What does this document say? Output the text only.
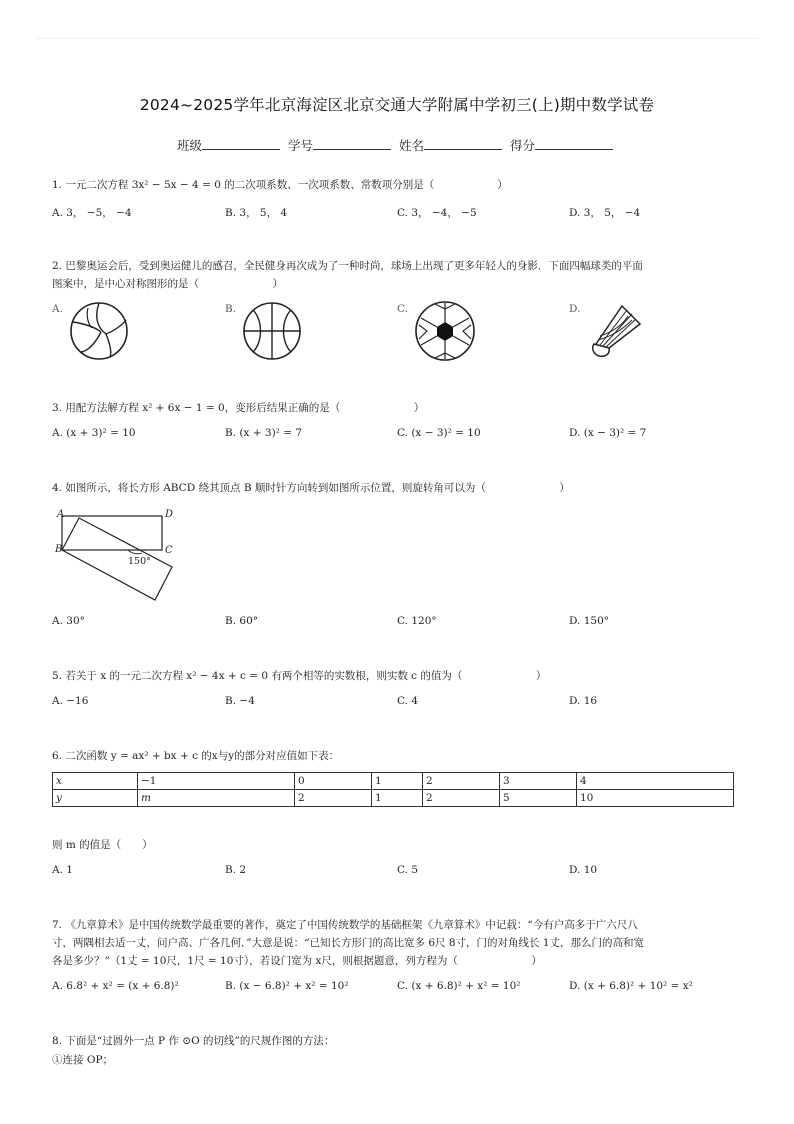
2024~2025学年北京海淀区北京交通大学附属中学初三(上)期中数学试卷
班级	学号	姓名	得分
1. 一元二次方程 3x² − 5x − 4 = 0 的二次项系数、一次项系数、常数项分别是（　　　　　　）
A. 3， −5， −4	B. 3， 5， 4	C. 3， −4， −5	D. 3， 5， −4
2. 巴黎奥运会后，受到奥运健儿的感召，全民健身再次成为了一种时尚，球场上出现了更多年轻人的身影．下面四幅球类的平面
图案中，是中心对称图形的是（　　　　　　　）
A.	B.	C.	D.
3. 用配方法解方程 x² + 6x − 1 = 0，变形后结果正确的是（　　　　　　　）
A. (x + 3)² = 10	B. (x + 3)² = 7	C. (x − 3)² = 10	D. (x − 3)² = 7
4. 如图所示，将长方形 ABCD 绕其顶点 B 顺时针方向转到如图所示位置，则旋转角可以为（　　　　　　　）
A	D
B	C
150°
A. 30°	B. 60°	C. 120°	D. 150°
5. 若关于 x 的一元二次方程 x² − 4x + c = 0 有两个相等的实数根，则实数 c 的值为（　　　　　　　）
A. −16	B. −4	C. 4	D. 16
6. 二次函数 y = ax² + bx + c 的x与y的部分对应值如下表：
x	−1	0	1	2	3	4
y	m	2	1	2	5	10
则 m 的值是（　　）
A. 1	B. 2	C. 5	D. 10
7. 《九章算术》是中国传统数学最重要的著作，奠定了中国传统数学的基础框架《九章算术》中记载：“今有户高多于广六尺八
寸，两隅相去适一丈，问户高、广各几何．”大意是说：“已知长方形门的高比宽多 6尺 8寸，门的对角线长 1丈，那么门的高和宽
各是多少？”（1丈 = 10尺，1尺 = 10寸），若设门宽为 x尺，则根据题意，列方程为（　　　　　　　）
A. 6.8² + x² = (x + 6.8)²	B. (x − 6.8)² + x² = 10²	C. (x + 6.8)² + x² = 10²	D. (x + 6.8)² + 10² = x²
8. 下面是“过圆外一点 P 作 ⊙O 的切线”的尺规作图的方法：
①连接 OP；
